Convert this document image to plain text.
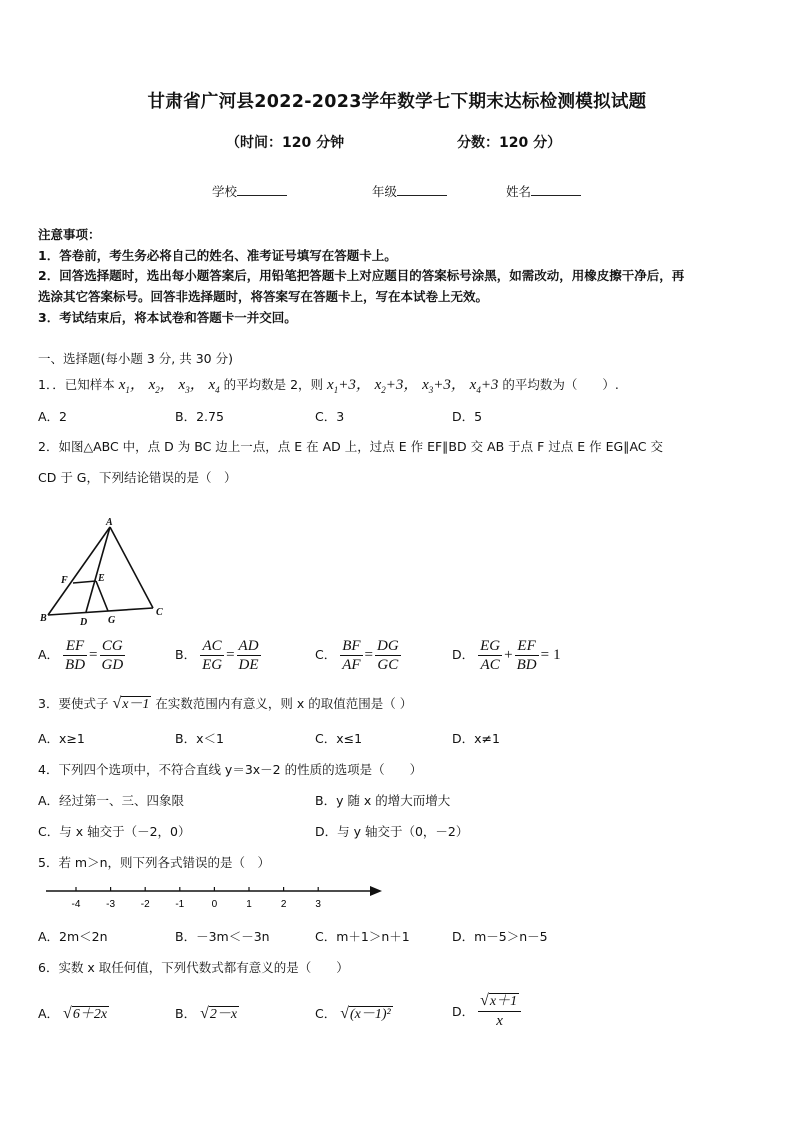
甘肃省广河县2022-2023学年数学七下期末达标检测模拟试题
（时间：120 分钟	分数：120 分）
学校	年级	姓名
注意事项：
1．答卷前，考生务必将自己的姓名、准考证号填写在答题卡上。
2．回答选择题时，选出每小题答案后，用铅笔把答题卡上对应题目的答案标号涂黑，如需改动，用橡皮擦干净后，再
选涂其它答案标号。回答非选择题时，将答案写在答题卡上，写在本试卷上无效。
3．考试结束后，将本试卷和答题卡一并交回。
一、选择题(每小题 3 分, 共 30 分)
1．．已知样本 $x_1$， $x_2$， $x_3$， $x_4$ 的平均数是 2，则 $x_1+3$， $x_2+3$， $x_3+3$， $x_4+3$ 的平均数为（　　）.
A．2	B．2.75	C．3	D．5
2．如图△ABC 中，点 D 为 BC 边上一点，点 E 在 AD 上，过点 E 作 EF∥BD 交 AB 于点 F 过点 E 作 EG∥AC 交
CD 于 G，下列结论错误的是（　）
A
B
C
D
E
F
G
A． $\frac{EF}{BD} = \frac{CG}{GD}$	B． $\frac{AC}{EG} = \frac{AD}{DE}$	C． $\frac{BF}{AF} = \frac{DG}{GC}$	D． $\frac{EG}{AC} + \frac{EF}{BD} = 1$
3．要使式子 √x－1 在实数范围内有意义，则 x 的取值范围是（ ）
A．x≥1	B．x＜1	C．x≤1	D．x≠1
4．下列四个选项中，不符合直线 y＝3x－2 的性质的选项是（　　）
A．经过第一、三、四象限	B．y 随 x 的增大而增大
C．与 x 轴交于（－2，0）	D．与 y 轴交于（0，－2）
5．若 m＞n，则下列各式错误的是（　）
-4	-3	-2	-1	0	1	2	3
A．2m＜2n	B．－3m＜－3n	C．m＋1＞n＋1	D．m－5＞n－5
6．实数 x 取任何值，下列代数式都有意义的是（　　）
A． √6＋2x	B． √2－x	C． √(x－1)²	D． $\frac{√x+1}{x}$
